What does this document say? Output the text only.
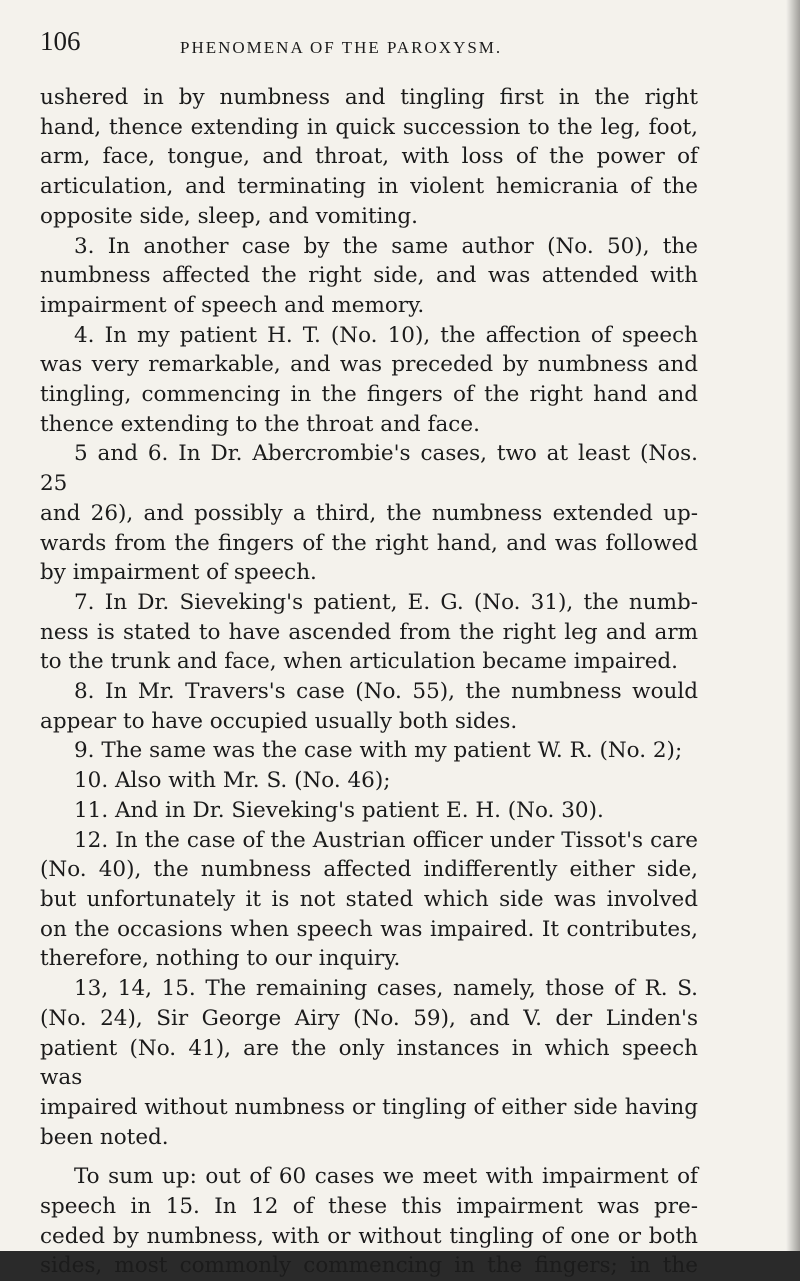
106	PHENOMENA OF THE PAROXYSM.

ushered in by numbness and tingling first in the right

hand, thence extending in quick succession to the leg, foot,

arm, face, tongue, and throat, with loss of the power of

articulation, and terminating in violent hemicrania of the

opposite side, sleep, and vomiting.

3. In another case by the same author (No. 50), the

numbness affected the right side, and was attended with

impairment of speech and memory.

4. In my patient H. T. (No. 10), the affection of speech

was very remarkable, and was preceded by numbness and

tingling, commencing in the fingers of the right hand and

thence extending to the throat and face.

5 and 6. In Dr. Abercrombie's cases, two at least (Nos. 25

and 26), and possibly a third, the numbness extended up-

wards from the fingers of the right hand, and was followed

by impairment of speech.

7. In Dr. Sieveking's patient, E. G. (No. 31), the numb-

ness is stated to have ascended from the right leg and arm

to the trunk and face, when articulation became impaired.

8. In Mr. Travers's case (No. 55), the numbness would

appear to have occupied usually both sides.

9. The same was the case with my patient W. R. (No. 2);

10. Also with Mr. S. (No. 46);

11. And in Dr. Sieveking's patient E. H. (No. 30).

12. In the case of the Austrian officer under Tissot's care

(No. 40), the numbness affected indifferently either side,

but unfortunately it is not stated which side was involved

on the occasions when speech was impaired. It contributes,

therefore, nothing to our inquiry.

13, 14, 15. The remaining cases, namely, those of R. S.

(No. 24), Sir George Airy (No. 59), and V. der Linden's

patient (No. 41), are the only instances in which speech was

impaired without numbness or tingling of either side having

been noted.

To sum up: out of 60 cases we meet with impairment of

speech in 15. In 12 of these this impairment was pre-

ceded by numbness, with or without tingling of one or both

sides, most commonly commencing in the fingers; in the
